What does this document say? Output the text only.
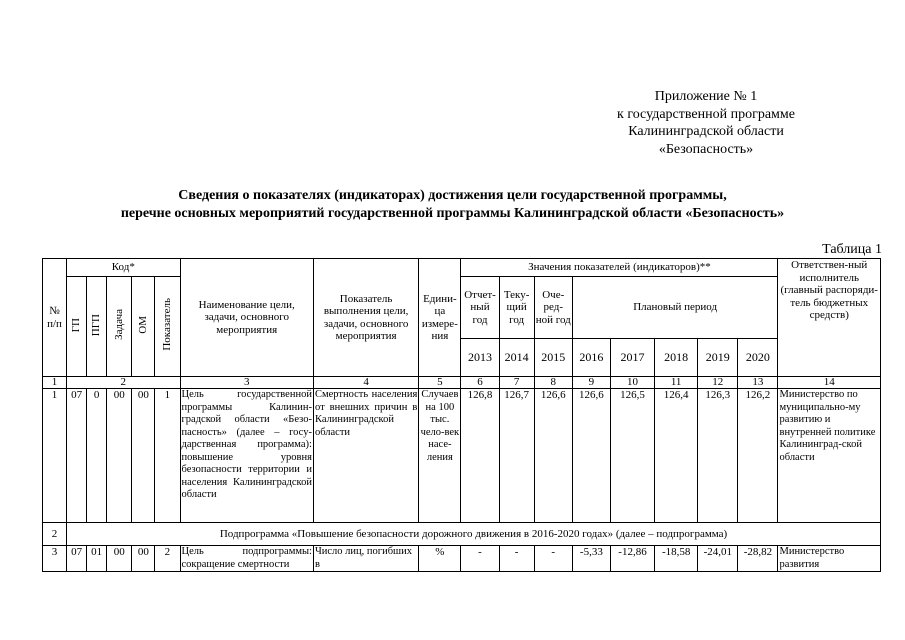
Приложение № 1
к государственной программе
Калининградской области
«Безопасность»
Сведения о показателях (индикаторах) достижения цели государственной программы,
перечне основных мероприятий государственной программы Калининградской области «Безопасность»
Таблица 1
№ п/п	Код*					Наименование цели, задачи, основного мероприятия	Показатель выполнения цели, задачи, основного мероприятия	Едини-ца измере-ния	Значения показателей (индикаторов)**								Ответствен-ный исполнитель (главный распоряди-тель бюджетных средств)
	ГП	ПГП	Задача	ОМ	Показатель				Отчет-ный год	Теку-щий год	Оче-ред-ной год	Плановый период					
									2013	2014	2015	2016	2017	2018	2019	2020	
1	2					3	4	5	6	7	8	9	10	11	12	13	14
1	07	0	00	00	1	Цель государственной программы Калинин-градской области «Безо-пасность» (далее – госу-дарственная программа): повышение уровня безопасности территории и населения Калининградской области	Смертность населения от внешних причин в Калининградской области	Случаев на 100 тыс. чело-век насе-ления	126,8	126,7	126,6	126,6	126,5	126,4	126,3	126,2	Министерство по муниципально-му развитию и внутренней политике Калининград-ской области
2	Подпрограмма «Повышение безопасности дорожного движения в 2016-2020 годах» (далее – подпрограмма)																
3	07	01	00	00	2	Цель подпрограммы: сокращение смертности	Число лиц, погибших в	%	-	-	-	-5,33	-12,86	-18,58	-24,01	-28,82	Министерство развития
